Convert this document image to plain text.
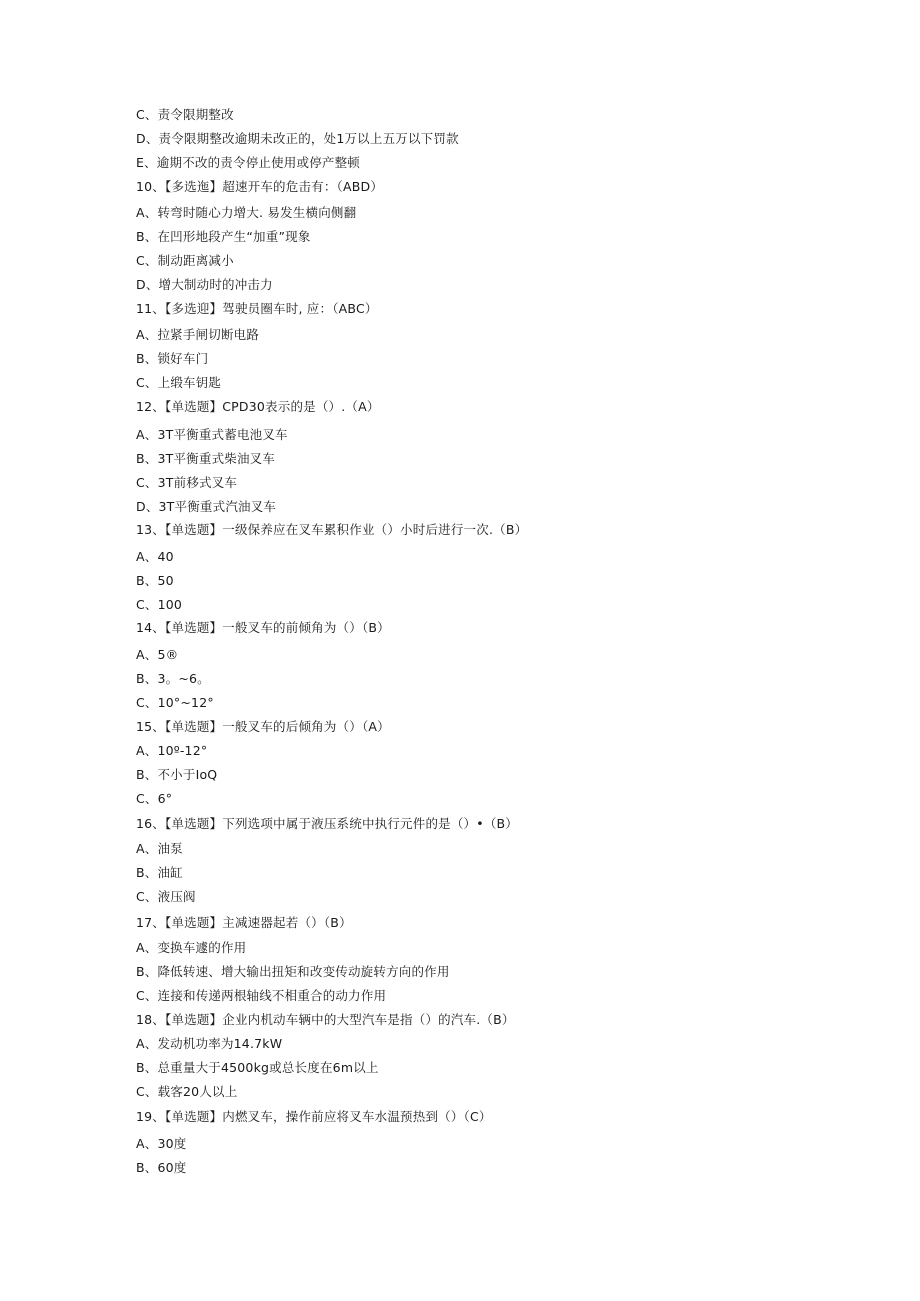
C、责令限期整改
D、责令限期整改逾期未改正的，处1万以上五万以下罚款
E、逾期不改的责令停止使用或停产整顿
10、【多选迤】超速开车的危击有：（ABD）
A、转弯时随心力增大. 易发生横向侧翻
B、在凹形地段产生“加重”现象
C、制动距离减小
D、增大制动时的冲击力
11、【多选迎】驾驶员圈车时, 应：（ABC）
A、拉紧手闸切断电路
B、锁好车门
C、上缎车钥匙
12、【单选题】CPD30表示的是（）.（A）
A、3T平衡重式蓄电池叉车
B、3T平衡重式柴油叉车
C、3T前移式叉车
D、3T平衡重式汽油叉车
13、【单选题】一级保养应在叉车累积作业（）小时后进行一次.（B）
A、40
B、50
C、100
14、【单选题】一般叉车的前倾角为（）（B）
A、5®
B、3。~6。
C、10°~12°
15、【单选题】一般叉车的后倾角为（）（A）
A、10º-12°
B、不小于IoQ
C、6°
16、【单选题】下列选项中属于液压系统中执行元件的是（）•（B）
A、油泵
B、油缸
C、液压阀
17、【单选题】主减速器起若（）（B）
A、变换车遽的作用
B、降低转速、增大输出扭矩和改变传动旋转方向的作用
C、连接和传递两根轴线不相重合的动力作用
18、【单选题】企业内机动车辆中的大型汽车是指（）的汽车.（B）
A、发动机功率为14.7kW
B、总重量大于4500kg或总长度在6m以上
C、载客20人以上
19、【单选题】内燃叉车，操作前应将叉车水温预热到（）（C）
A、30度
B、60度
